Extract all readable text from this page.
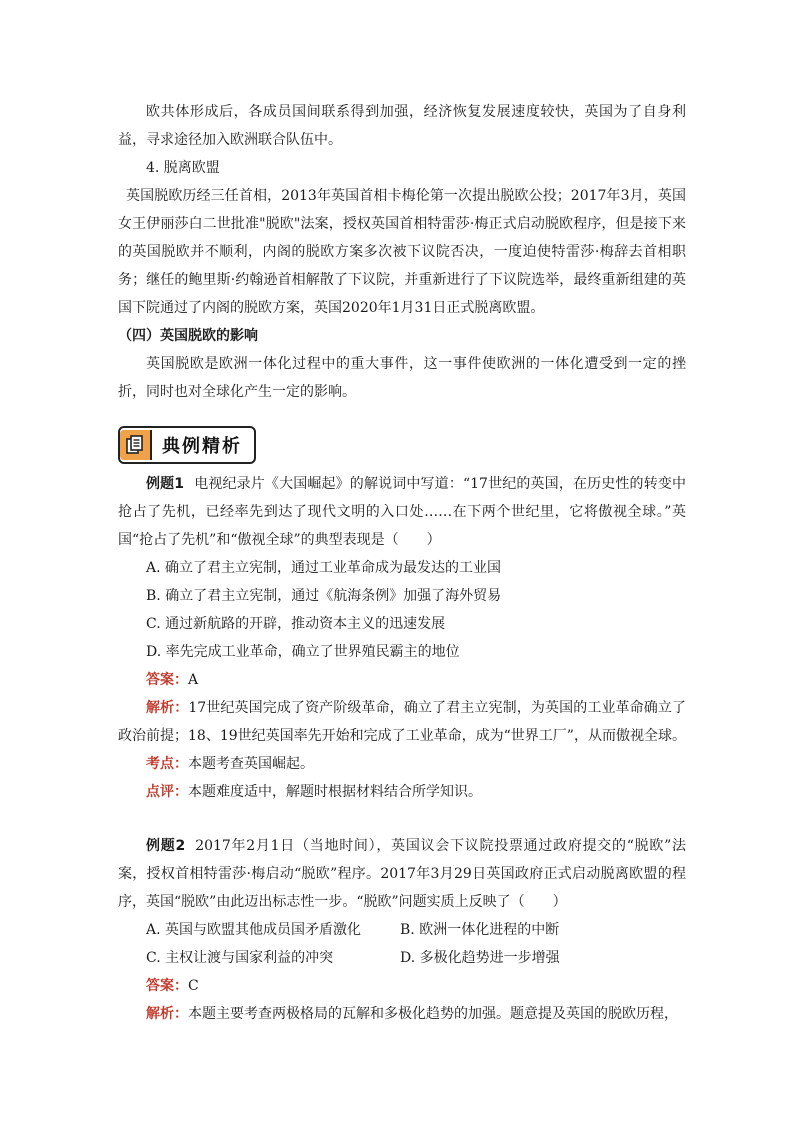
欧共体形成后，各成员国间联系得到加强，经济恢复发展速度较快，英国为了自身利益，寻求途径加入欧洲联合队伍中。

4. 脱离欧盟

英国脱欧历经三任首相，2013年英国首相卡梅伦第一次提出脱欧公投；2017年3月，英国女王伊丽莎白二世批准"脱欧"法案，授权英国首相特雷莎·梅正式启动脱欧程序，但是接下来的英国脱欧并不顺利，内阁的脱欧方案多次被下议院否决，一度迫使特雷莎·梅辞去首相职务；继任的鲍里斯·约翰逊首相解散了下议院，并重新进行了下议院选举，最终重新组建的英国下院通过了内阁的脱欧方案，英国2020年1月31日正式脱离欧盟。

（四）英国脱欧的影响

英国脱欧是欧洲一体化过程中的重大事件，这一事件使欧洲的一体化遭受到一定的挫折，同时也对全球化产生一定的影响。

典例精析

例题1 电视纪录片《大国崛起》的解说词中写道：“17世纪的英国，在历史性的转变中抢占了先机，已经率先到达了现代文明的入口处……在下两个世纪里，它将傲视全球。”英国“抢占了先机”和“傲视全球”的典型表现是（　　）

A. 确立了君主立宪制，通过工业革命成为最发达的工业国

B. 确立了君主立宪制，通过《航海条例》加强了海外贸易

C. 通过新航路的开辟，推动资本主义的迅速发展

D. 率先完成工业革命，确立了世界殖民霸主的地位

答案：A

解析：17世纪英国完成了资产阶级革命，确立了君主立宪制，为英国的工业革命确立了政治前提；18、19世纪英国率先开始和完成了工业革命，成为“世界工厂”，从而傲视全球。

考点：本题考查英国崛起。

点评：本题难度适中，解题时根据材料结合所学知识。

例题2 2017年2月1日（当地时间），英国议会下议院投票通过政府提交的“脱欧”法案，授权首相特雷莎·梅启动“脱欧”程序。2017年3月29日英国政府正式启动脱离欧盟的程序，英国“脱欧”由此迈出标志性一步。“脱欧”问题实质上反映了（　　）

A. 英国与欧盟其他成员国矛盾激化	B. 欧洲一体化进程的中断
C. 主权让渡与国家利益的冲突	D. 多极化趋势进一步增强

答案：C

解析：本题主要考查两极格局的瓦解和多极化趋势的加强。题意提及英国的脱欧历程，
